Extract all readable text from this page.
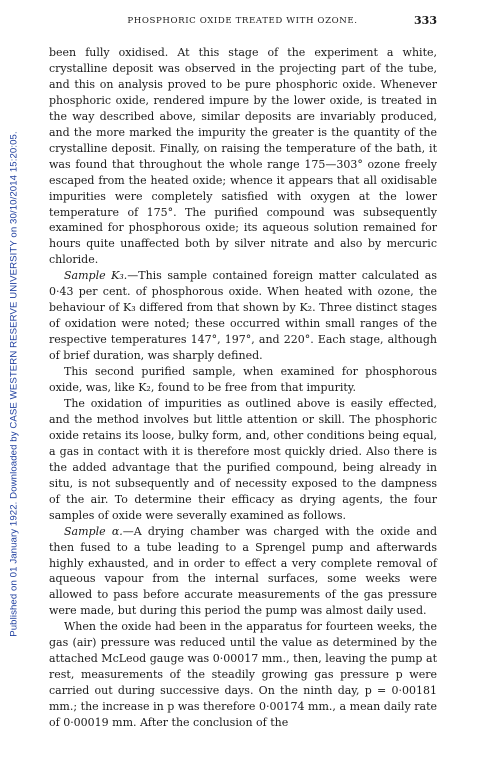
Published on 01 January 1922. Downloaded by CASE WESTERN RESERVE UNIVERSITY on 30/10/2014 15:20:05.
PHOSPHORIC OXIDE TREATED WITH OZONE.	333

been fully oxidised. At this stage of the experiment a white, crystalline deposit was observed in the projecting part of the tube, and this on analysis proved to be pure phosphoric oxide. Whenever phosphoric oxide, rendered impure by the lower oxide, is treated in the way described above, similar deposits are invariably produced, and the more marked the impurity the greater is the quantity of the crystalline deposit. Finally, on raising the temperature of the bath, it was found that throughout the whole range 175—303° ozone freely escaped from the heated oxide; whence it appears that all oxidisable impurities were completely satisfied with oxygen at the lower temperature of 175°. The purified compound was subsequently examined for phosphorous oxide; its aqueous solution remained for hours quite unaffected both by silver nitrate and also by mercuric chloride.

Sample K₃.—This sample contained foreign matter calculated as 0·43 per cent. of phosphorous oxide. When heated with ozone, the behaviour of K₃ differed from that shown by K₂. Three distinct stages of oxidation were noted; these occurred within small ranges of the respective temperatures 147°, 197°, and 220°. Each stage, although of brief duration, was sharply defined.

This second purified sample, when examined for phosphorous oxide, was, like K₂, found to be free from that impurity.

The oxidation of impurities as outlined above is easily effected, and the method involves but little attention or skill. The phosphoric oxide retains its loose, bulky form, and, other conditions being equal, a gas in contact with it is therefore most quickly dried. Also there is the added advantage that the purified compound, being already in situ, is not subsequently and of necessity exposed to the dampness of the air. To determine their efficacy as drying agents, the four samples of oxide were severally examined as follows.

Sample α.—A drying chamber was charged with the oxide and then fused to a tube leading to a Sprengel pump and afterwards highly exhausted, and in order to effect a very complete removal of aqueous vapour from the internal surfaces, some weeks were allowed to pass before accurate measurements of the gas pressure were made, but during this period the pump was almost daily used.

When the oxide had been in the apparatus for fourteen weeks, the gas (air) pressure was reduced until the value as determined by the attached McLeod gauge was 0·00017 mm., then, leaving the pump at rest, measurements of the steadily growing gas pressure p were carried out during successive days. On the ninth day, p = 0·00181 mm.; the increase in p was therefore 0·00174 mm., a mean daily rate of 0·00019 mm. After the conclusion of the
